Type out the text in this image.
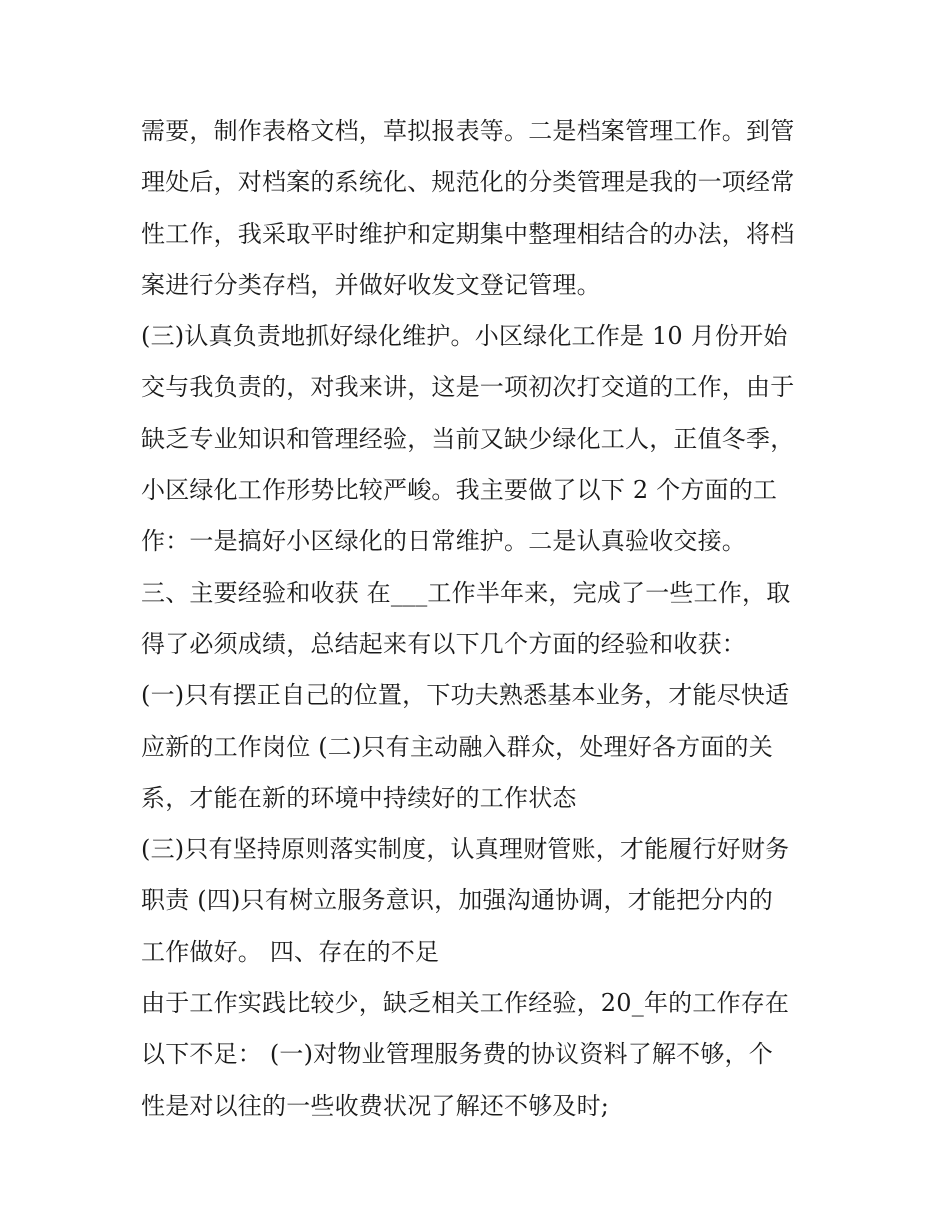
需要，制作表格文档，草拟报表等。二是档案管理工作。到管
理处后，对档案的系统化、规范化的分类管理是我的一项经常
性工作，我采取平时维护和定期集中整理相结合的办法，将档
案进行分类存档，并做好收发文登记管理。
(三)认真负责地抓好绿化维护。小区绿化工作是 10 月份开始
交与我负责的，对我来讲，这是一项初次打交道的工作，由于
缺乏专业知识和管理经验，当前又缺少绿化工人，正值冬季，
小区绿化工作形势比较严峻。我主要做了以下 2 个方面的工
作：一是搞好小区绿化的日常维护。二是认真验收交接。
三、主要经验和收获 在___工作半年来，完成了一些工作，取
得了必须成绩，总结起来有以下几个方面的经验和收获：
(一)只有摆正自己的位置，下功夫熟悉基本业务，才能尽快适
应新的工作岗位 (二)只有主动融入群众，处理好各方面的关
系，才能在新的环境中持续好的工作状态
(三)只有坚持原则落实制度，认真理财管账，才能履行好财务
职责 (四)只有树立服务意识，加强沟通协调，才能把分内的
工作做好。 四、存在的不足
由于工作实践比较少，缺乏相关工作经验，20_年的工作存在
以下不足： (一)对物业管理服务费的协议资料了解不够，个
性是对以往的一些收费状况了解还不够及时;
